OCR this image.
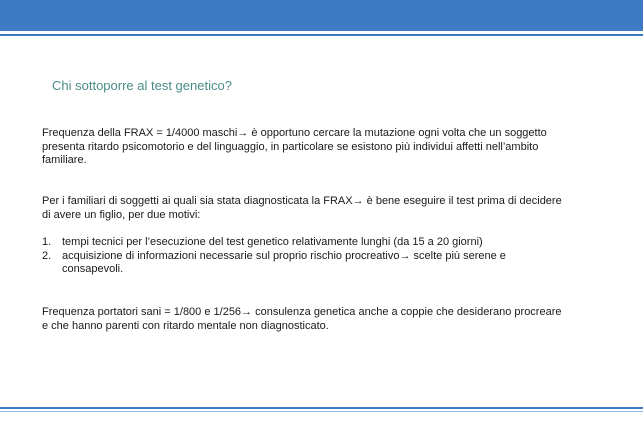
Chi sottoporre al test genetico?

Frequenza della FRAX = 1/4000 maschi→ è opportuno cercare la mutazione ogni volta che un soggetto presenta ritardo psicomotorio e del linguaggio, in particolare se esistono più individui affetti nell’ambito familiare.

Per i familiari di soggetti ai quali sia stata diagnosticata la FRAX→ è bene eseguire il test prima di decidere di avere un figlio, per due motivi:

1. tempi tecnici per l’esecuzione del test genetico relativamente lunghi (da 15 a 20 giorni)
2. acquisizione di informazioni necessarie sul proprio rischio procreativo→ scelte più serene e consapevoli.

Frequenza portatori sani = 1/800 e 1/256→ consulenza genetica anche a coppie che desiderano procreare e che hanno parenti con ritardo mentale non diagnosticato.
